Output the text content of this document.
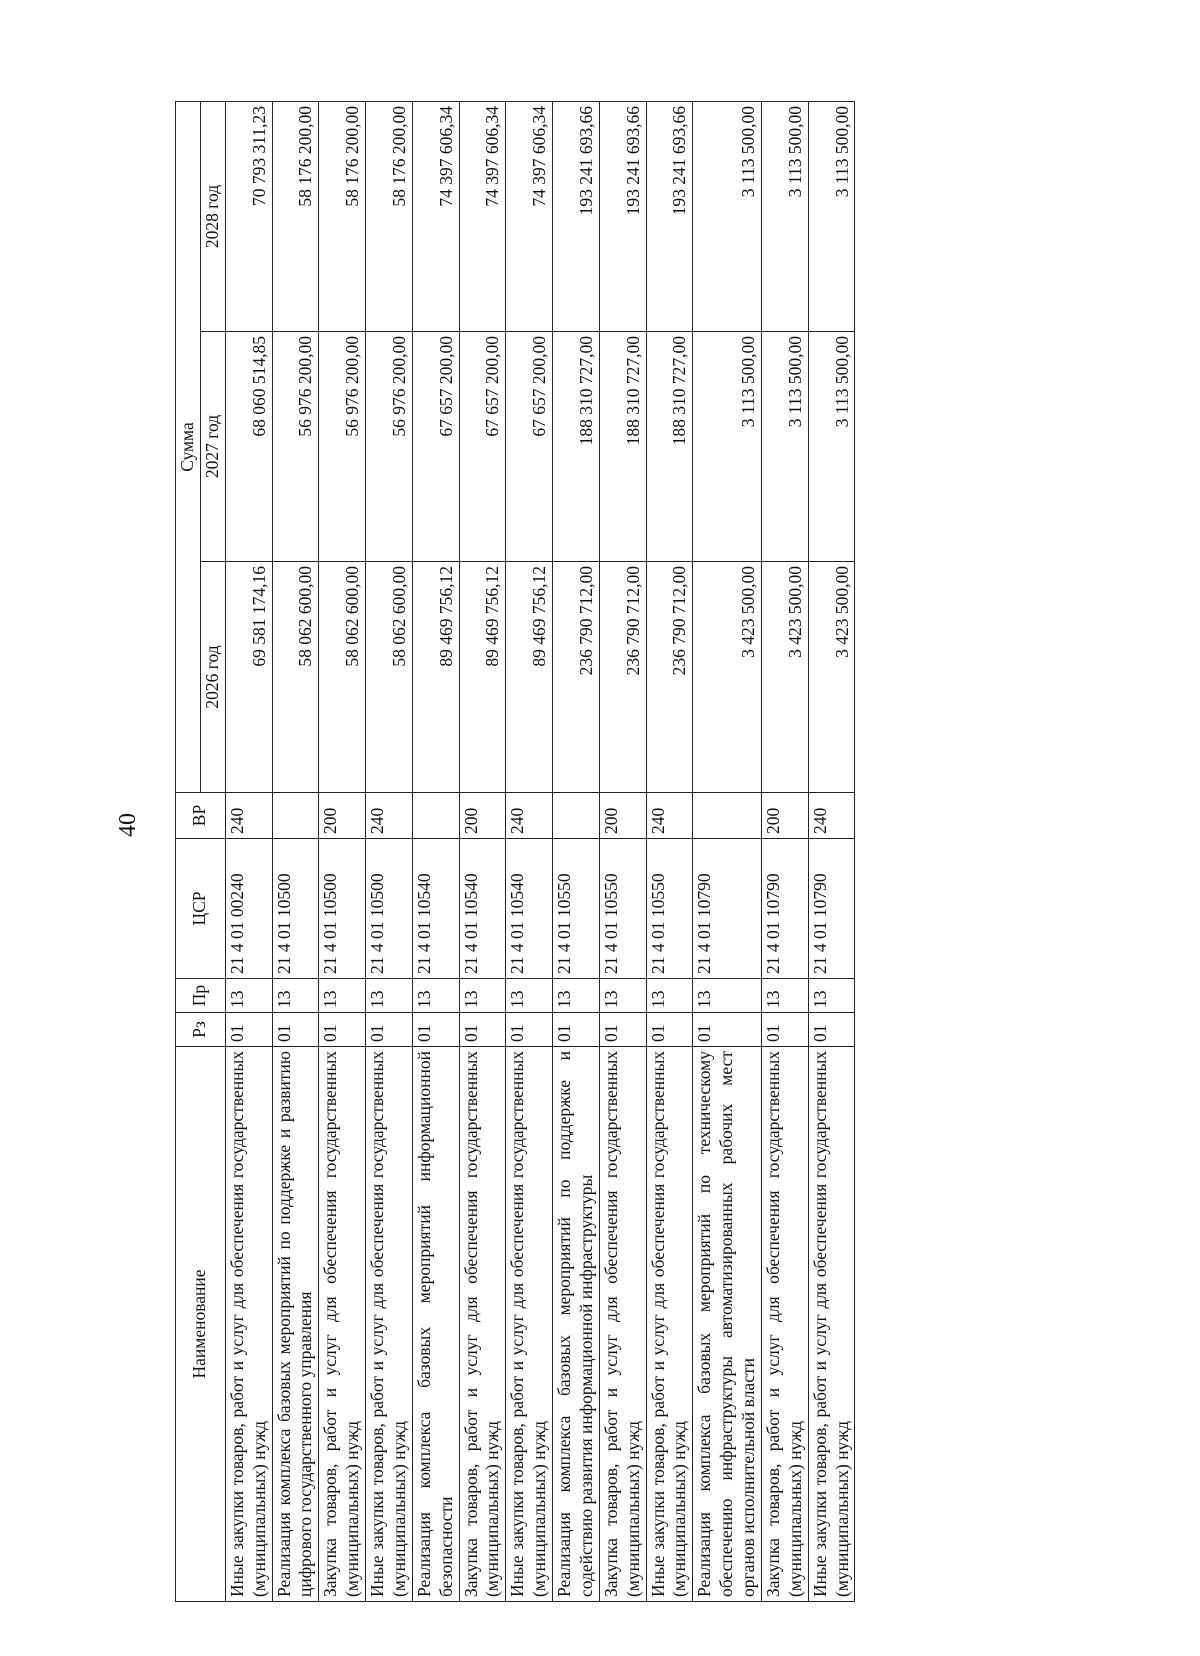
40
Наименование	Рз	Пр	ЦСР	ВР	Сумма		
					2026 год	2027 год	2028 год
Иные закупки товаров, работ и услуг для обеспечения государственных (муниципальных) нужд	01	13	21 4 01 00240	240	69 581 174,16	68 060 514,85	70 793 311,23
Реализация комплекса базовых мероприятий по поддержке и развитию цифрового государственного управления	01	13	21 4 01 10500		58 062 600,00	56 976 200,00	58 176 200,00
Закупка товаров, работ и услуг для обеспечения государственных (муниципальных) нужд	01	13	21 4 01 10500	200	58 062 600,00	56 976 200,00	58 176 200,00
Иные закупки товаров, работ и услуг для обеспечения государственных (муниципальных) нужд	01	13	21 4 01 10500	240	58 062 600,00	56 976 200,00	58 176 200,00
Реализация комплекса базовых мероприятий информационной безопасности	01	13	21 4 01 10540		89 469 756,12	67 657 200,00	74 397 606,34
Закупка товаров, работ и услуг для обеспечения государственных (муниципальных) нужд	01	13	21 4 01 10540	200	89 469 756,12	67 657 200,00	74 397 606,34
Иные закупки товаров, работ и услуг для обеспечения государственных (муниципальных) нужд	01	13	21 4 01 10540	240	89 469 756,12	67 657 200,00	74 397 606,34
Реализация комплекса базовых мероприятий по поддержке и содействию развития информационной инфраструктуры	01	13	21 4 01 10550		236 790 712,00	188 310 727,00	193 241 693,66
Закупка товаров, работ и услуг для обеспечения государственных (муниципальных) нужд	01	13	21 4 01 10550	200	236 790 712,00	188 310 727,00	193 241 693,66
Иные закупки товаров, работ и услуг для обеспечения государственных (муниципальных) нужд	01	13	21 4 01 10550	240	236 790 712,00	188 310 727,00	193 241 693,66
Реализация комплекса базовых мероприятий по техническому обеспечению инфраструктуры автоматизированных рабочих мест органов исполнительной власти	01	13	21 4 01 10790		3 423 500,00	3 113 500,00	3 113 500,00
Закупка товаров, работ и услуг для обеспечения государственных (муниципальных) нужд	01	13	21 4 01 10790	200	3 423 500,00	3 113 500,00	3 113 500,00
Иные закупки товаров, работ и услуг для обеспечения государственных (муниципальных) нужд	01	13	21 4 01 10790	240	3 423 500,00	3 113 500,00	3 113 500,00
